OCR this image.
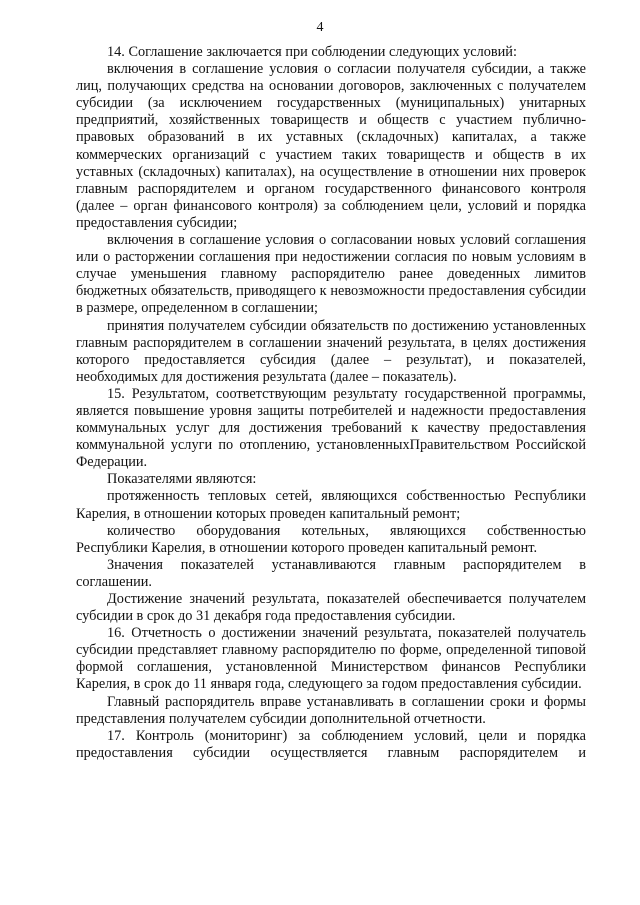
4

14. Соглашение заключается при соблюдении следующих условий:

включения в соглашение условия о согласии получателя субсидии, а также лиц, получающих средства на основании договоров, заключенных с получателем субсидии (за исключением государственных (муниципальных) унитарных предприятий, хозяйственных товариществ и обществ с участием публично-правовых образований в их уставных (складочных) капиталах, а также коммерческих организаций с участием таких товариществ и обществ в их уставных (складочных) капиталах), на осуществление в отношении них проверок главным распорядителем и органом государственного финансового контроля (далее – орган финансового контроля) за соблюдением цели, условий и порядка предоставления субсидии;

включения в соглашение условия о согласовании новых условий соглашения или о расторжении соглашения при недостижении согласия по новым условиям в случае уменьшения главному распорядителю ранее доведенных лимитов бюджетных обязательств, приводящего к невозможности предоставления субсидии в размере, определенном в соглашении;

принятия получателем субсидии обязательств по достижению установленных главным распорядителем в соглашении значений результата, в целях достижения которого предоставляется субсидия (далее – результат), и показателей, необходимых для достижения результата (далее – показатель).

15. Результатом, соответствующим результату государственной программы, является повышение уровня защиты потребителей и надежности предоставления коммунальных услуг для достижения требований к качеству предоставления коммунальной услуги по отоплению, установленныхПравительством Российской Федерации.

Показателями являются:

протяженность тепловых сетей, являющихся собственностью Республики Карелия, в отношении которых проведен капитальный ремонт;

количество оборудования котельных, являющихся собственностью Республики Карелия, в отношении которого проведен капитальный ремонт.

Значения показателей устанавливаются главным распорядителем в соглашении.

Достижение значений результата, показателей обеспечивается получателем субсидии в срок до 31 декабря года предоставления субсидии.

16. Отчетность о достижении значений результата, показателей получатель субсидии представляет главному распорядителю по форме, определенной типовой формой соглашения, установленной Министерством финансов Республики Карелия, в срок до 11 января года, следующего за годом предоставления субсидии.

Главный распорядитель вправе устанавливать в соглашении сроки и формы представления получателем субсидии дополнительной отчетности.

17. Контроль (мониторинг) за соблюдением условий, цели и порядка предоставления субсидии осуществляется главным распорядителем и
